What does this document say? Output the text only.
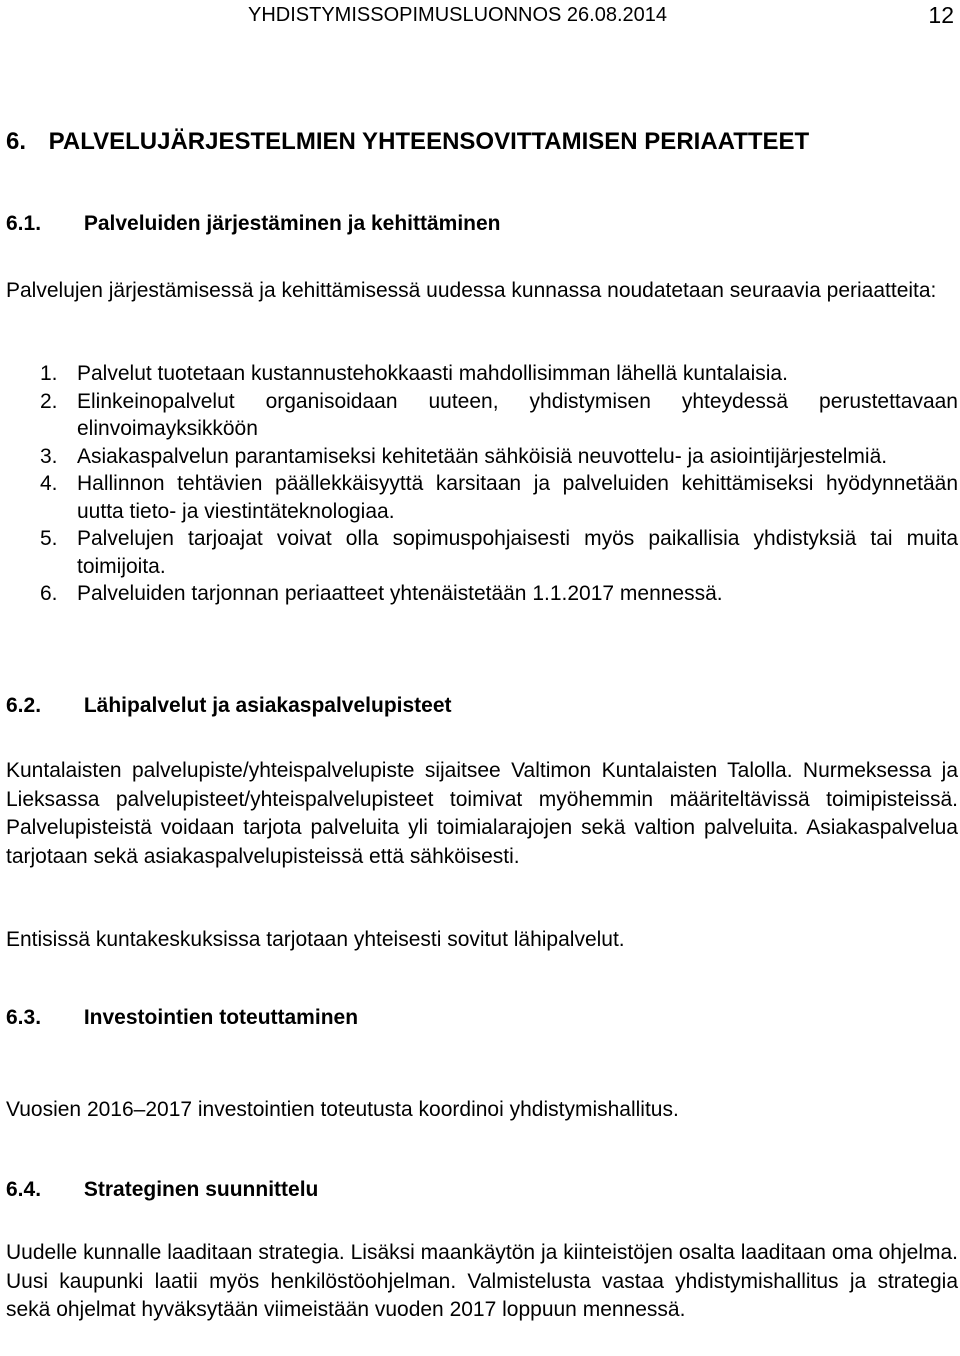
YHDISTYMISSOPIMUSLUONNOS 26.08.2014	12
6. PALVELUJÄRJESTELMIEN YHTEENSOVITTAMISEN PERIAATTEET
6.1. Palveluiden järjestäminen ja kehittäminen
Palvelujen järjestämisessä ja kehittämisessä uudessa kunnassa noudatetaan seuraavia periaatteita:
1. Palvelut tuotetaan kustannustehokkaasti mahdollisimman lähellä kuntalaisia.
2. Elinkeinopalvelut organisoidaan uuteen, yhdistymisen yhteydessä perustettavaan elinvoimayksikköön
3. Asiakaspalvelun parantamiseksi kehitetään sähköisiä neuvottelu- ja asiointijärjestelmiä.
4. Hallinnon tehtävien päällekkäisyyttä karsitaan ja palveluiden kehittämiseksi hyödynnetään uutta tieto- ja viestintäteknologiaa.
5. Palvelujen tarjoajat voivat olla sopimuspohjaisesti myös paikallisia yhdistyksiä tai muita toimijoita.
6. Palveluiden tarjonnan periaatteet yhtenäistetään 1.1.2017 mennessä.
6.2. Lähipalvelut ja asiakaspalvelupisteet
Kuntalaisten palvelupiste/yhteispalvelupiste sijaitsee Valtimon Kuntalaisten Talolla. Nurmeksessa ja Lieksassa palvelupisteet/yhteispalvelupisteet toimivat myöhemmin määriteltävissä toimipisteissä. Palvelupisteistä voidaan tarjota palveluita yli toimialarajojen sekä valtion palveluita. Asiakaspalvelua tarjotaan sekä asiakaspalvelupisteissä että sähköisesti.
Entisissä kuntakeskuksissa tarjotaan yhteisesti sovitut lähipalvelut.
6.3. Investointien toteuttaminen
Vuosien 2016–2017 investointien toteutusta koordinoi yhdistymishallitus.
6.4. Strateginen suunnittelu
Uudelle kunnalle laaditaan strategia. Lisäksi maankäytön ja kiinteistöjen osalta laaditaan oma ohjelma. Uusi kaupunki laatii myös henkilöstöohjelman. Valmistelusta vastaa yhdistymishallitus ja strategia sekä ohjelmat hyväksytään viimeistään vuoden 2017 loppuun mennessä.
